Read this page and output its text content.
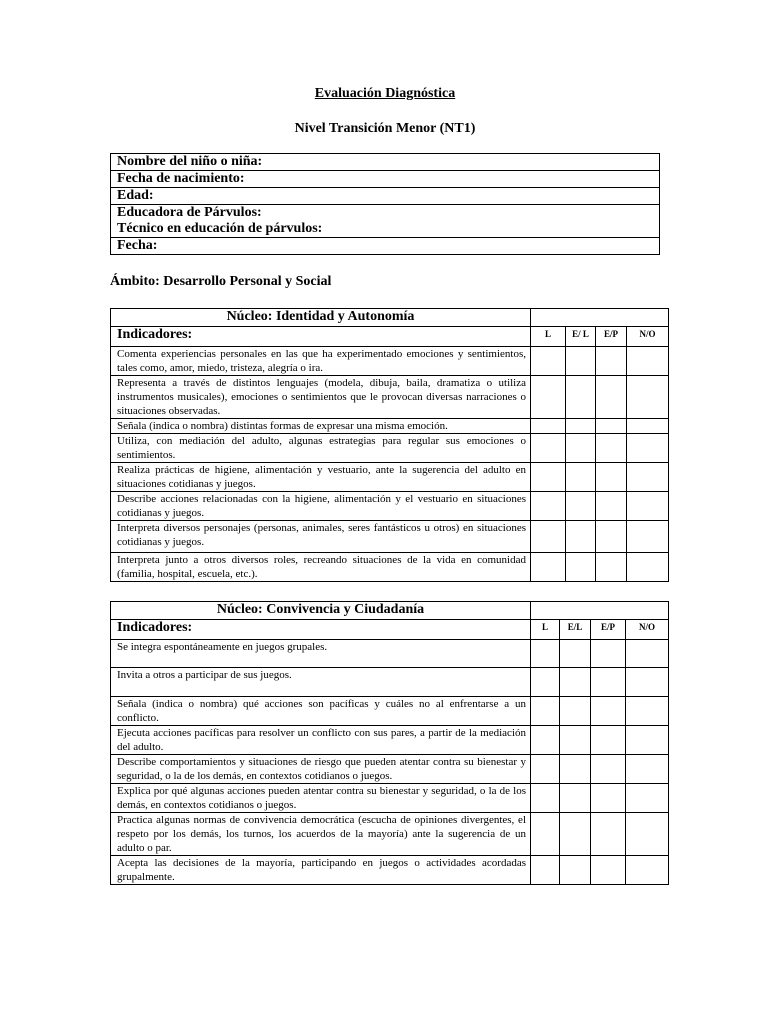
Evaluación Diagnóstica
Nivel Transición Menor (NT1)
Nombre del niño o niña:
Fecha de nacimiento:
Edad:
Educadora de Párvulos:
Técnico en educación de párvulos:
Fecha:
Ámbito: Desarrollo Personal y Social
Núcleo: Identidad y Autonomía				
Indicadores:	L	E/ L	E/P	N/O
Comenta experiencias personales en las que ha experimentado emociones y sentimientos, tales como, amor, miedo, tristeza, alegría o ira.				
Representa a través de distintos lenguajes (modela, dibuja, baila, dramatiza o utiliza instrumentos musicales), emociones o sentimientos que le provocan diversas narraciones o situaciones observadas.				
Señala (indica o nombra) distintas formas de expresar una misma emoción.				
Utiliza, con mediación del adulto, algunas estrategias para regular sus emociones o sentimientos.				
Realiza prácticas de higiene, alimentación y vestuario, ante la sugerencia del adulto en situaciones cotidianas y juegos.				
Describe acciones relacionadas con la higiene, alimentación y el vestuario en situaciones cotidianas y juegos.				
Interpreta diversos personajes (personas, animales, seres fantásticos u otros) en situaciones cotidianas y juegos.				
Interpreta junto a otros diversos roles, recreando situaciones de la vida en comunidad (familia, hospital, escuela, etc.).				
Núcleo: Convivencia y Ciudadanía				
Indicadores:	L	E/L	E/P	N/O
Se integra espontáneamente en juegos grupales.				
Invita a otros a participar de sus juegos.				
Señala (indica o nombra) qué acciones son pacíficas y cuáles no al enfrentarse a un conflicto.				
Ejecuta acciones pacíficas para resolver un conflicto con sus pares, a partir de la mediación del adulto.				
Describe comportamientos y situaciones de riesgo que pueden atentar contra su bienestar y seguridad, o la de los demás, en contextos cotidianos o juegos.				
Explica por qué algunas acciones pueden atentar contra su bienestar y seguridad, o la de los demás, en contextos cotidianos o juegos.				
Practica algunas normas de convivencia democrática (escucha de opiniones divergentes, el respeto por los demás, los turnos, los acuerdos de la mayoría) ante la sugerencia de un adulto o par.				
Acepta las decisiones de la mayoría, participando en juegos o actividades acordadas grupalmente.				
